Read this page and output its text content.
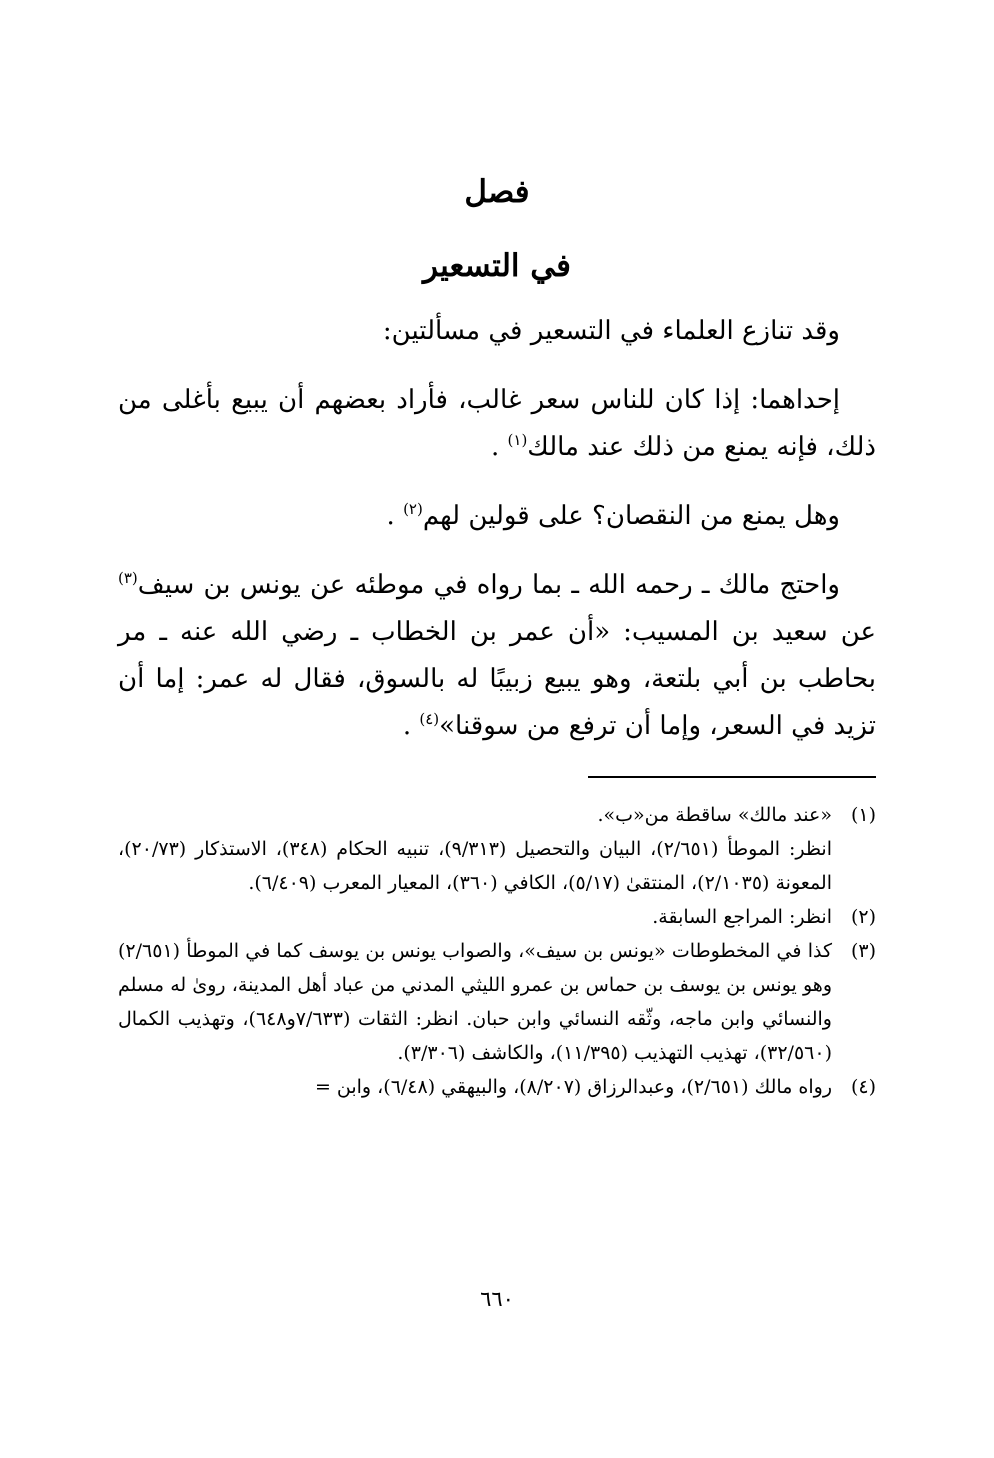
فصل
في التسعير

وقد تنازع العلماء في التسعير في مسألتين:

إحداهما: إذا كان للناس سعر غالب، فأراد بعضهم أن يبيع بأغلى من ذلك، فإنه يمنع من ذلك عند مالك$^{(١)}$ .

وهل يمنع من النقصان؟ على قولين لهم$^{(٢)}$ .

واحتج مالك ـ رحمه الله ـ بما رواه في موطئه عن يونس بن سيف$^{(٣)}$ عن سعيد بن المسيب: «أن عمر بن الخطاب ـ رضي الله عنه ـ مر بحاطب بن أبي بلتعة، وهو يبيع زبيبًا له بالسوق، فقال له عمر: إما أن تزيد في السعر، وإما أن ترفع من سوقنا»$^{(٤)}$ .

(١)
«عند مالك» ساقطة من«ب».
انظر: الموطأ (٢/٦٥١)، البيان والتحصيل (٩/٣١٣)، تنبيه الحكام (٣٤٨)، الاستذكار (٢٠/٧٣)، المعونة (٢/١٠٣٥)، المنتقىٰ (٥/١٧)، الكافي (٣٦٠)، المعيار المعرب (٦/٤٠٩).
(٢)
انظر: المراجع السابقة.
(٣)
كذا في المخطوطات «يونس بن سيف»، والصواب يونس بن يوسف كما في الموطأ (٢/٦٥١) وهو يونس بن يوسف بن حماس بن عمرو الليثي المدني من عباد أهل المدينة، روىٰ له مسلم والنسائي وابن ماجه، وثّقه النسائي وابن حبان. انظر: الثقات (٧/٦٣٣و٦٤٨)، وتهذيب الكمال (٣٢/٥٦٠)، تهذيب التهذيب (١١/٣٩٥)، والكاشف (٣/٣٠٦).
(٤)
رواه مالك (٢/٦٥١)، وعبدالرزاق (٨/٢٠٧)، والبيهقي (٦/٤٨)، وابن =
٦٦٠
